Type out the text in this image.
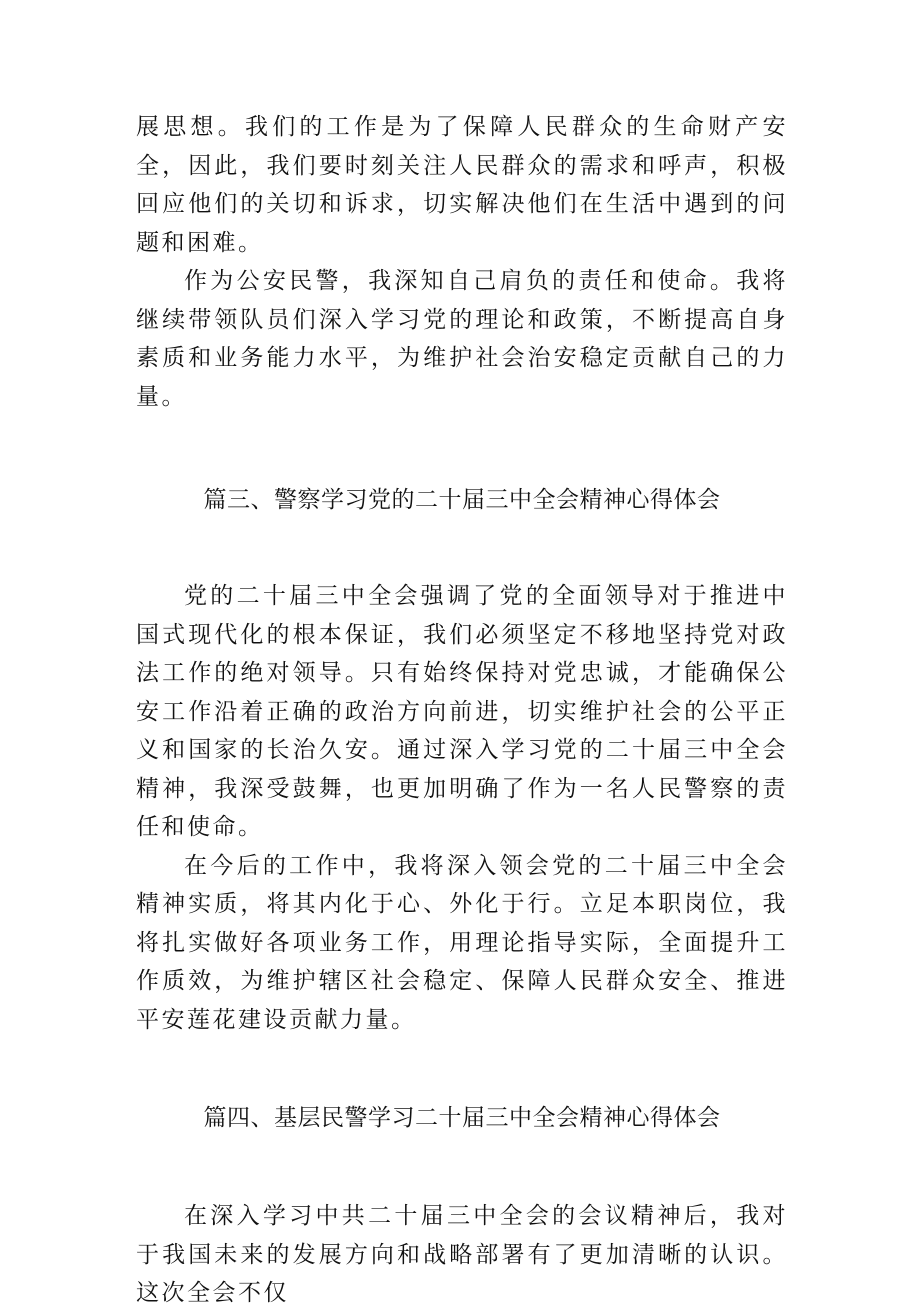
展思想。我们的工作是为了保障人民群众的生命财产安全，因此，我们要时刻关注人民群众的需求和呼声，积极回应他们的关切和诉求，切实解决他们在生活中遇到的问题和困难。

作为公安民警，我深知自己肩负的责任和使命。我将继续带领队员们深入学习党的理论和政策，不断提高自身素质和业务能力水平，为维护社会治安稳定贡献自己的力量。

篇三、警察学习党的二十届三中全会精神心得体会

党的二十届三中全会强调了党的全面领导对于推进中国式现代化的根本保证，我们必须坚定不移地坚持党对政法工作的绝对领导。只有始终保持对党忠诚，才能确保公安工作沿着正确的政治方向前进，切实维护社会的公平正义和国家的长治久安。通过深入学习党的二十届三中全会精神，我深受鼓舞，也更加明确了作为一名人民警察的责任和使命。

在今后的工作中，我将深入领会党的二十届三中全会精神实质，将其内化于心、外化于行。立足本职岗位，我将扎实做好各项业务工作，用理论指导实际，全面提升工作质效，为维护辖区社会稳定、保障人民群众安全、推进平安莲花建设贡献力量。

篇四、基层民警学习二十届三中全会精神心得体会

在深入学习中共二十届三中全会的会议精神后，我对于我国未来的发展方向和战略部署有了更加清晰的认识。这次全会不仅
